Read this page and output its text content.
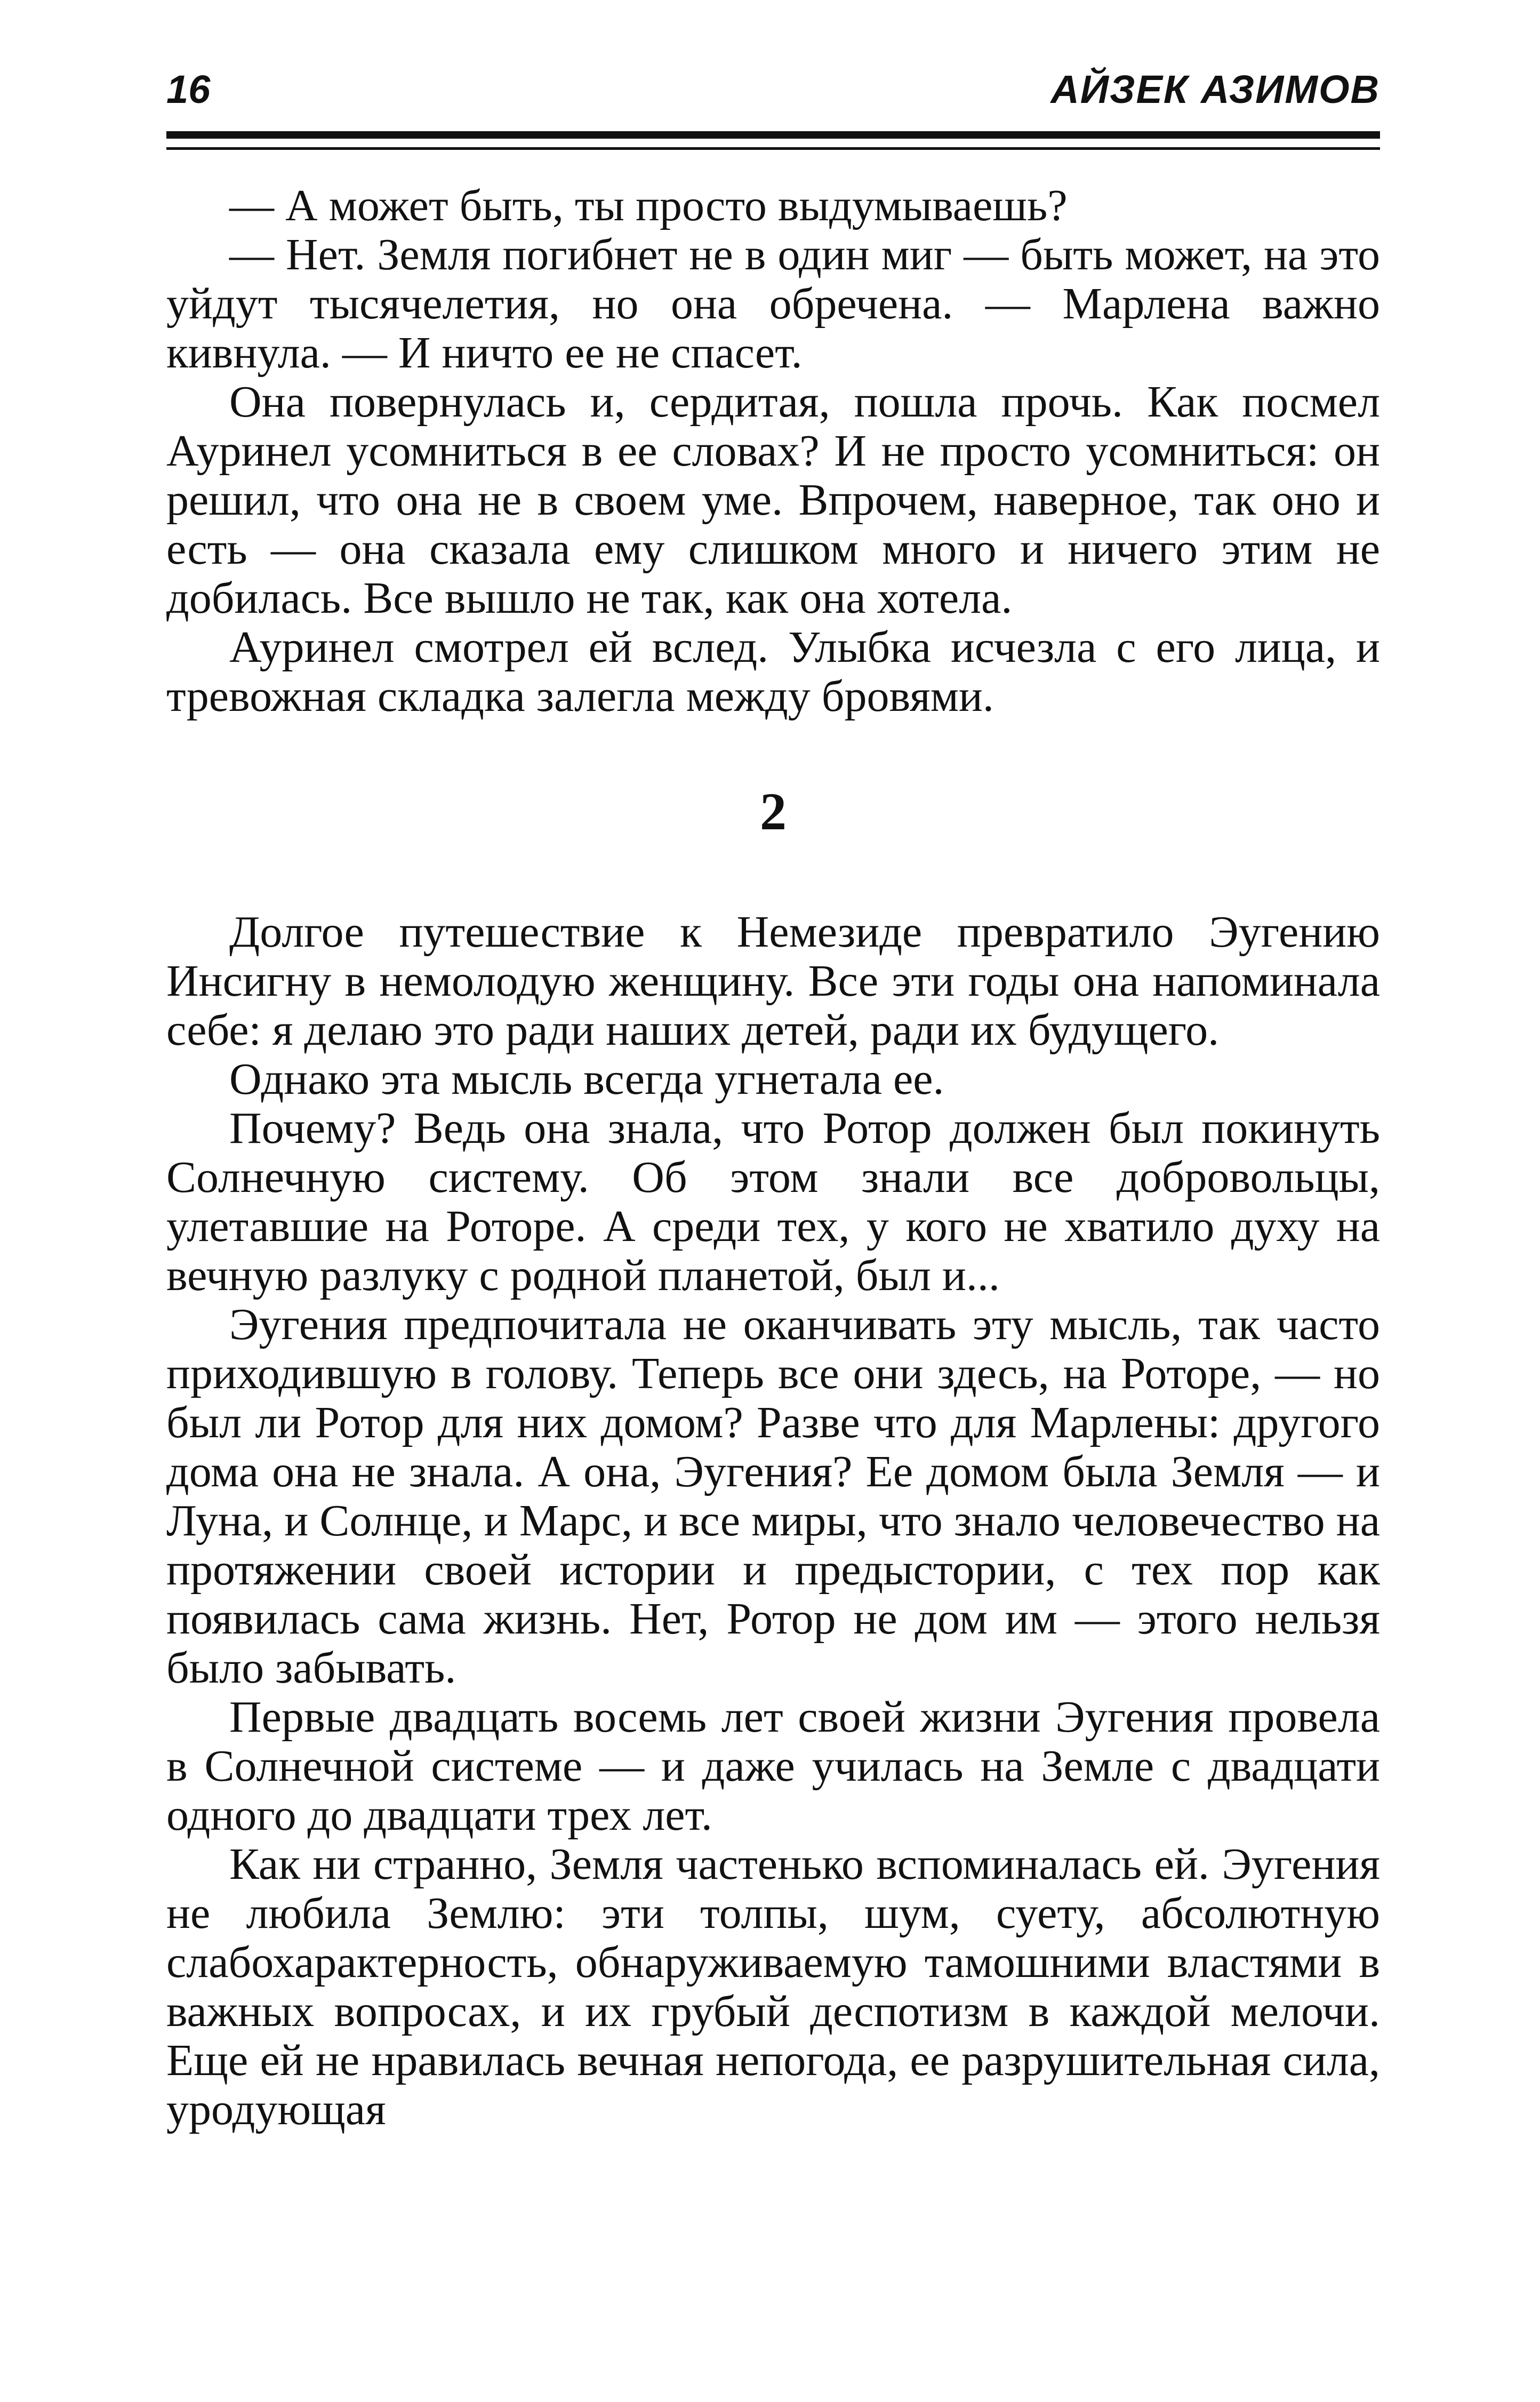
16	АЙЗЕК АЗИМОВ

— А может быть, ты просто выдумываешь?

— Нет. Земля погибнет не в один миг — быть может, на это уйдут тысячелетия, но она обречена. — Марлена важно кивнула. — И ничто ее не спасет.

Она повернулась и, сердитая, пошла прочь. Как посмел Ауринел усомниться в ее словах? И не просто усомниться: он решил, что она не в своем уме. Впрочем, наверное, так оно и есть — она сказала ему слишком много и ничего этим не добилась. Все вышло не так, как она хотела.

Ауринел смотрел ей вслед. Улыбка исчезла с его лица, и тревожная складка залегла между бровями.

2

Долгое путешествие к Немезиде превратило Эугению Инсигну в немолодую женщину. Все эти годы она напоминала себе: я делаю это ради наших детей, ради их будущего.

Однако эта мысль всегда угнетала ее.

Почему? Ведь она знала, что Ротор должен был покинуть Солнечную систему. Об этом знали все добровольцы, улетавшие на Роторе. А среди тех, у кого не хватило духу на вечную разлуку с родной планетой, был и...

Эугения предпочитала не оканчивать эту мысль, так часто приходившую в голову. Теперь все они здесь, на Роторе, — но был ли Ротор для них домом? Разве что для Марлены: другого дома она не знала. А она, Эугения? Ее домом была Земля — и Луна, и Солнце, и Марс, и все миры, что знало человечество на протяжении своей истории и предыстории, с тех пор как появилась сама жизнь. Нет, Ротор не дом им — этого нельзя было забывать.

Первые двадцать восемь лет своей жизни Эугения провела в Солнечной системе — и даже училась на Земле с двадцати одного до двадцати трех лет.

Как ни странно, Земля частенько вспоминалась ей. Эугения не любила Землю: эти толпы, шум, суету, абсолютную слабохарактерность, обнаруживаемую тамошними властями в важных вопросах, и их грубый деспотизм в каждой мелочи. Еще ей не нравилась вечная непогода, ее разрушительная сила, уродующая
